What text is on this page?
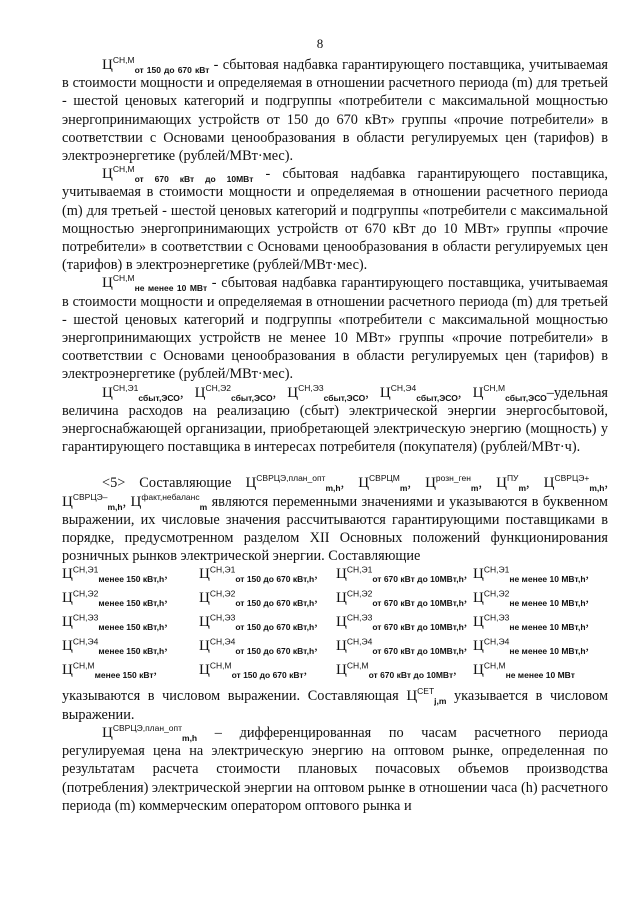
8

$Ц^{СН,М}_{от 150 до 670 кВт}$ - сбытовая надбавка гарантирующего поставщика, учитываемая в стоимости мощности и определяемая в отношении расчетного периода (m) для третьей - шестой ценовых категорий и подгруппы «потребители с максимальной мощностью энергопринимающих устройств от 150 до 670 кВт» группы «прочие потребители» в соответствии с Основами ценообразования в области регулируемых цен (тарифов) в электроэнергетике (рублей/МВт·мес).

$Ц^{СН,М}_{от 670 кВт до 10МВт}$ - сбытовая надбавка гарантирующего поставщика, учитываемая в стоимости мощности и определяемая в отношении расчетного периода (m) для третьей - шестой ценовых категорий и подгруппы «потребители с максимальной мощностью энергопринимающих устройств от 670 кВт до 10 МВт» группы «прочие потребители» в соответствии с Основами ценообразования в области регулируемых цен (тарифов) в электроэнергетике (рублей/МВт·мес).

$Ц^{СН,М}_{не менее 10 МВт}$ - сбытовая надбавка гарантирующего поставщика, учитываемая в стоимости мощности и определяемая в отношении расчетного периода (m) для третьей - шестой ценовых категорий и подгруппы «потребители с максимальной мощностью энергопринимающих устройств не менее 10 МВт» группы «прочие потребители» в соответствии с Основами ценообразования в области регулируемых цен (тарифов) в электроэнергетике (рублей/МВт·мес).

$Ц^{СН,Э1}_{сбыт,ЭСО}$, $Ц^{СН,Э2}_{сбыт,ЭСО}$, $Ц^{СН,Э3}_{сбыт,ЭСО}$, $Ц^{СН,Э4}_{сбыт,ЭСО}$, $Ц^{СН,М}_{сбыт,ЭСО}$–удельная величина расходов на реализацию (сбыт) электрической энергии энергосбытовой, энергоснабжающей организации, приобретающей электрическую энергию (мощность) у гарантирующего поставщика в интересах потребителя (покупателя) (рублей/МВт·ч).

<5> Составляющие $Ц^{СВРЦЭ,план\_опт}_{m,h}$, $Ц^{СВРЦМ}_m$, $Ц^{розн\_ген}_m$, $Ц^{ПУ}_m$, $Ц^{СВРЦЭ+}_{m,h}$, $Ц^{СВРЦЭ-}_{m,h}$, $Ц^{факт,небаланс}_m$ являются переменными значениями и указываются в буквенном выражении, их числовые значения рассчитываются гарантирующими поставщиками в порядке, предусмотренном разделом XII Основных положений функционирования розничных рынков электрической энергии. Составляющие

$Ц^{СН,Э1}_{менее 150 кВт,h}$, $Ц^{СН,Э1}_{от 150 до 670 кВт,h}$, $Ц^{СН,Э1}_{от 670 кВт до 10МВт,h}$, $Ц^{СН,Э1}_{не менее 10 МВт,h}$,
$Ц^{СН,Э2}_{менее 150 кВт,h}$, $Ц^{СН,Э2}_{от 150 до 670 кВт,h}$, $Ц^{СН,Э2}_{от 670 кВт до 10МВт,h}$, $Ц^{СН,Э2}_{не менее 10 МВт,h}$,
$Ц^{СН,Э3}_{менее 150 кВт,h}$, $Ц^{СН,Э3}_{от 150 до 670 кВт,h}$, $Ц^{СН,Э3}_{от 670 кВт до 10МВт,h}$, $Ц^{СН,Э3}_{не менее 10 МВт,h}$,
$Ц^{СН,Э4}_{менее 150 кВт,h}$, $Ц^{СН,Э4}_{от 150 до 670 кВт,h}$, $Ц^{СН,Э4}_{от 670 кВт до 10МВт,h}$, $Ц^{СН,Э4}_{не менее 10 МВт,h}$,
$Ц^{СН,М}_{менее 150 кВт}$,	$Ц^{СН,М}_{от 150 до 670 кВт}$, $Ц^{СН,М}_{от 670 кВт до 10МВт}$, $Ц^{СН,М}_{не менее 10 МВт}$

указываются в числовом выражении. Составляющая $Ц^{СЕТ}_{j,m}$ указывается в числовом выражении.

$Ц^{СВРЦЭ,план\_опт}_{m,h}$ – дифференцированная по часам расчетного периода регулируемая цена на электрическую энергию на оптовом рынке, определенная по результатам расчета стоимости плановых почасовых объемов производства (потребления) электрической энергии на оптовом рынке в отношении часа (h) расчетного периода (m) коммерческим оператором оптового рынка и
